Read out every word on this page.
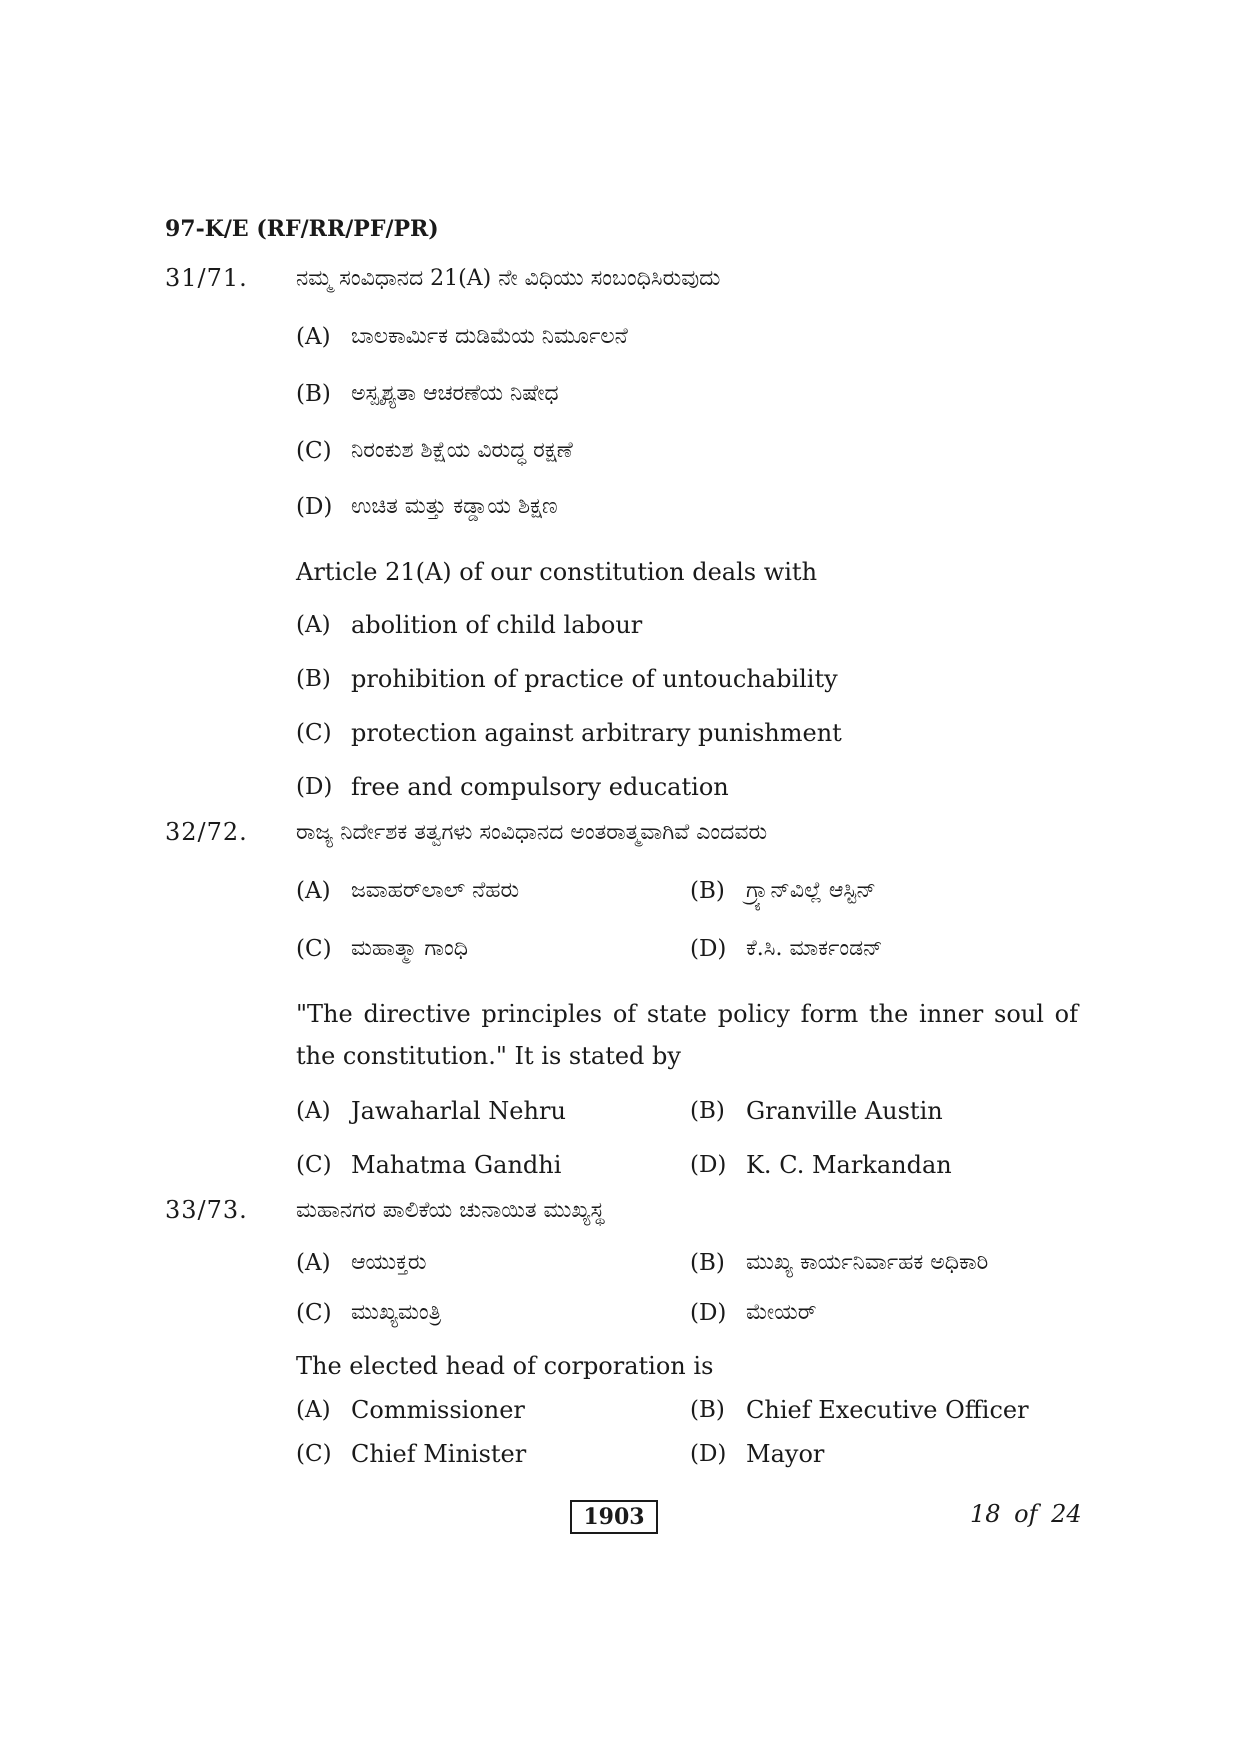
97-K/E (RF/RR/PF/PR)
31/71. ನಮ್ಮ ಸಂವಿಧಾನದ 21(A) ನೇ ವಿಧಿಯು ಸಂಬಂಧಿಸಿರುವುದು
(A) ಬಾಲಕಾರ್ಮಿಕ ದುಡಿಮೆಯ ನಿರ್ಮೂಲನೆ
(B) ಅಸ್ಪೃಶ್ಯತಾ ಆಚರಣೆಯ ನಿಷೇಧ
(C) ನಿರಂಕುಶ ಶಿಕ್ಷೆಯ ವಿರುದ್ಧ ರಕ್ಷಣೆ
(D) ಉಚಿತ ಮತ್ತು ಕಡ್ಡಾಯ ಶಿಕ್ಷಣ
Article 21(A) of our constitution deals with
(A) abolition of child labour
(B) prohibition of practice of untouchability
(C) protection against arbitrary punishment
(D) free and compulsory education
32/72. ರಾಜ್ಯ ನಿರ್ದೇಶಕ ತತ್ವಗಳು ಸಂವಿಧಾನದ ಅಂತರಾತ್ಮವಾಗಿವೆ ಎಂದವರು
(A) ಜವಾಹರ್‌ಲಾಲ್ ನೆಹರು	(B) ಗ್ರ್ಯಾನ್‌ವಿಲ್ಲೆ ಆಸ್ಟಿನ್
(C) ಮಹಾತ್ಮಾ ಗಾಂಧಿ	(D) ಕೆ.ಸಿ. ಮಾರ್ಕಂಡನ್
"The directive principles of state policy form the inner soul of the constitution." It is stated by
(A) Jawaharlal Nehru	(B) Granville Austin
(C) Mahatma Gandhi	(D) K. C. Markandan
33/73. ಮಹಾನಗರ ಪಾಲಿಕೆಯ ಚುನಾಯಿತ ಮುಖ್ಯಸ್ಥ
(A) ಆಯುಕ್ತರು	(B) ಮುಖ್ಯ ಕಾರ್ಯನಿರ್ವಾಹಕ ಅಧಿಕಾರಿ
(C) ಮುಖ್ಯಮಂತ್ರಿ	(D) ಮೇಯರ್
The elected head of corporation is
(A) Commissioner	(B) Chief Executive Officer
(C) Chief Minister	(D) Mayor
1903	18 of 24
